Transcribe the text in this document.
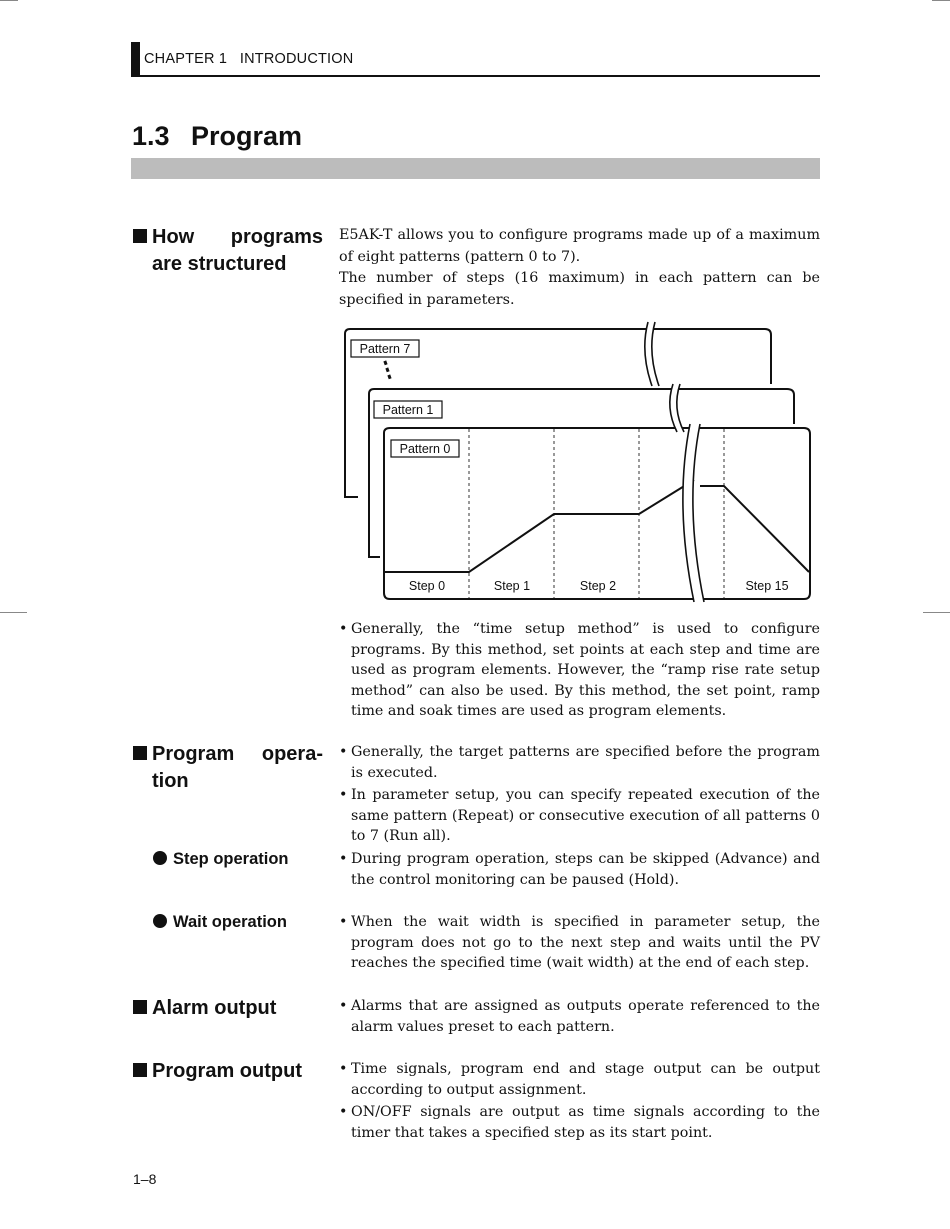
CHAPTER 1 INTRODUCTION
1.3 Program
How programs
are structured

E5AK-T allows you to configure programs made up of a maximum of eight patterns (pattern 0 to 7).

The number of steps (16 maximum) in each pattern can be specified in parameters.

Pattern 7
Pattern 1
Pattern 0
Step 0	Step 1	Step 2	Step 15
• Generally, the “time setup method” is used to configure programs. By this method, set points at each step and time are used as program elements. However, the “ramp rise rate setup method” can also be used. By this method, the set point, ramp time and soak times are used as program elements.
Program opera-
tion
• Generally, the target patterns are specified before the program is executed.
• In parameter setup, you can specify repeated execution of the same pattern (Repeat) or consecutive execution of all patterns 0 to 7 (Run all).
Step operation	• During program operation, steps can be skipped (Advance) and the control monitoring can be paused (Hold).
Wait operation	• When the wait width is specified in parameter setup, the program does not go to the next step and waits until the PV reaches the specified time (wait width) at the end of each step.
Alarm output	• Alarms that are assigned as outputs operate referenced to the alarm values preset to each pattern.
Program output	• Time signals, program end and stage output can be output according to output assignment.
• ON/OFF signals are output as time signals according to the timer that takes a specified step as its start point.
1–8
